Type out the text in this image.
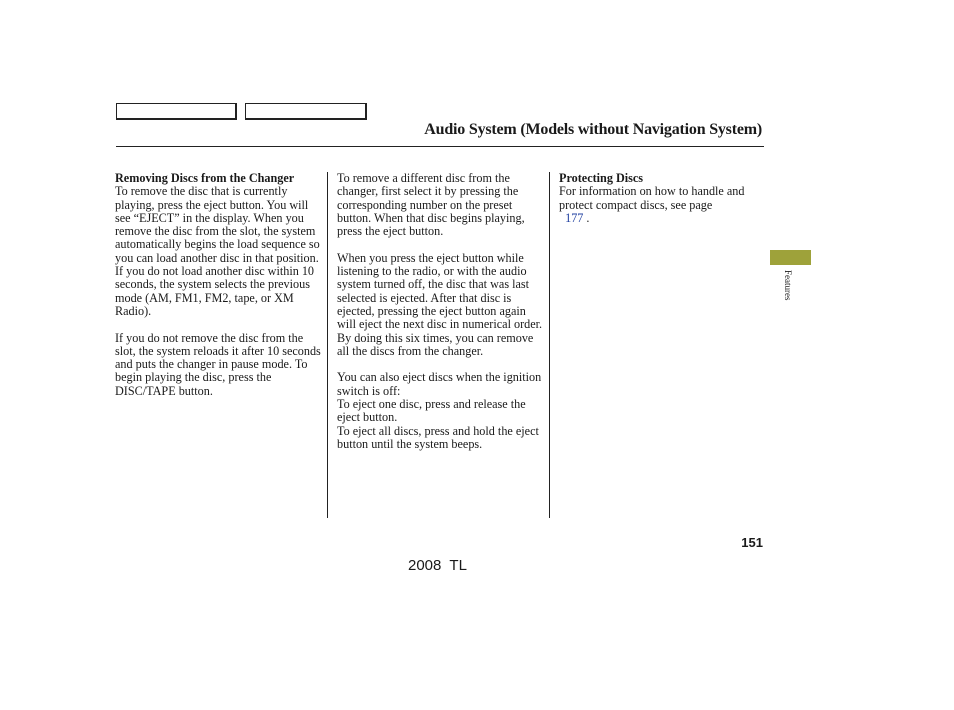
Audio System (Models without Navigation System)

Removing Discs from the Changer

To remove the disc that is currently playing, press the eject button. You will see “EJECT” in the display. When you remove the disc from the slot, the system automatically begins the load sequence so you can load another disc in that position. If you do not load another disc within 10 seconds, the system selects the previous mode (AM, FM1, FM2, tape, or XM Radio).

If you do not remove the disc from the slot, the system reloads it after 10 seconds and puts the changer in pause mode. To begin playing the disc, press the DISC/TAPE button.

To remove a different disc from the changer, first select it by pressing the corresponding number on the preset button. When that disc begins playing, press the eject button.

When you press the eject button while listening to the radio, or with the audio system turned off, the disc that was last selected is ejected. After that disc is ejected, pressing the eject button again will eject the next disc in numerical order. By doing this six times, you can remove all the discs from the changer.

You can also eject discs when the ignition switch is off:

To eject one disc, press and release the eject button.

To eject all discs, press and hold the eject button until the system beeps.

Protecting Discs

For information on how to handle and protect compact discs, see page
177 .

Features
151
2008  TL
